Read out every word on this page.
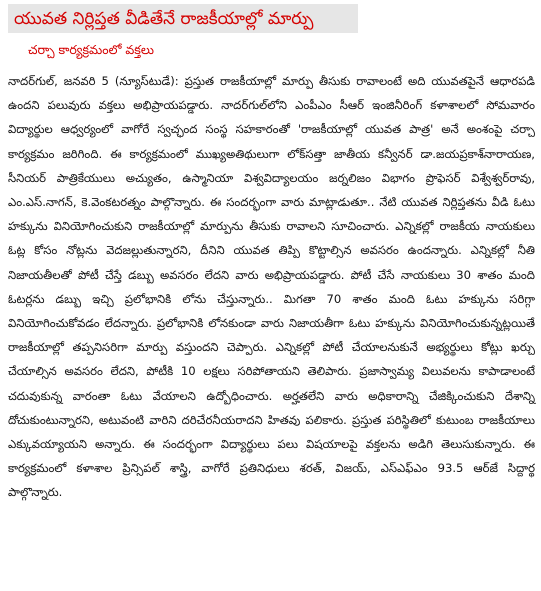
యువత నిర్లిప్తత వీడితేనే రాజకీయాల్లో మార్పు
చర్చా కార్యక్రమంలో వక్తలు
నాదర్‌గుల్, జనవరి 5 (న్యూస్‌టుడే): ప్రస్తుత రాజకీయాల్లో మార్పు తీసుకు రావాలంటే అది యువతపైనే ఆధారపడి ఉందని పలువురు వక్తలు అభిప్రాయపడ్డారు. నాదర్‌గుల్‌లోని ఎంపీఎం సీఆర్ ఇంజినీరింగ్ కళాశాలలో సోమవారం విద్యార్థుల ఆధ్వర్యంలో వాగోరే స్వచ్ఛంద సంస్థ సహకారంతో 'రాజకీయాల్లో యువత పాత్ర' అనే అంశంపై చర్చా కార్యక్రమం జరిగింది. ఈ కార్యక్రమంలో ముఖ్యఅతిథులుగా లోక్‌సత్తా జాతీయ కన్వీనర్ డా.జయప్రకాశ్‌నారాయణ, సీనియర్ పాత్రికేయులు అచ్యుతం, ఉస్మానియా విశ్వవిద్యాలయం జర్నలిజం విభాగం ప్రొఫెసర్ విశ్వేశ్వర్‌రావు, ఎం.ఎస్.నాగన్, కె.వెంకటరత్నం పాల్గొన్నారు. ఈ సందర్భంగా వారు మాట్లాడుతూ.. నేటి యువత నిర్లిప్తతను వీడి ఓటు హక్కును వినియోగించుకుని రాజకీయాల్లో మార్పును తీసుకు రావాలని సూచించారు. ఎన్నికల్లో రాజకీయ నాయకులు ఓట్ల కోసం నోట్లను వెదజల్లుతున్నారని, దీనిని యువత తిప్పి కొట్టాల్సిన అవసరం ఉందన్నారు. ఎన్నికల్లో నీతి నిజాయతీలతో పోటీ చేస్తే డబ్బు అవసరం లేదని వారు అభిప్రాయపడ్డారు. పోటీ చేసే నాయకులు 30 శాతం మంది ఓటర్లను డబ్బు ఇచ్చి ప్రలోభానికి లోను చేస్తున్నారు.. మిగతా 70 శాతం మంది ఓటు హక్కును సరిగ్గా వినియోగించుకోవడం లేదన్నారు. ప్రలోభానికి లోనకుండా వారు నిజాయతీగా ఓటు హక్కును వినియోగించుకున్నట్లయితే రాజకీయాల్లో తప్పనిసరిగా మార్పు వస్తుందని చెప్పారు. ఎన్నికల్లో పోటీ చేయాలనుకునే అభ్యర్థులు కోట్లు ఖర్చు చేయాల్సిన అవసరం లేదని, పోటీకి 10 లక్షలు సరిపోతాయని తెలిపారు. ప్రజాస్వామ్య విలువలను కాపాడాలంటే చదువుకున్న వారంతా ఓటు వేయాలని ఉద్బోధించారు. అర్హతలేని వారు అధికారాన్ని చేజిక్కించుకుని దేశాన్ని దోచుకుంటున్నారని, అటువంటి వారిని దరిచేరనీయరాదని హితవు పలికారు. ప్రస్తుత పరిస్థితిలో కుటుంబ రాజకీయాలు ఎక్కువయ్యాయని అన్నారు. ఈ సందర్భంగా విద్యార్థులు పలు విషయాలపై వక్తలను అడిగి తెలుసుకున్నారు. ఈ కార్యక్రమంలో కళాశాల ప్రిన్సిపల్ శాస్త్రి, వాగోరే ప్రతినిధులు శరత్, విజయ్, ఎస్ఎఫ్ఎం 93.5 ఆర్‌జే సిద్దార్థ పాల్గొన్నారు.
